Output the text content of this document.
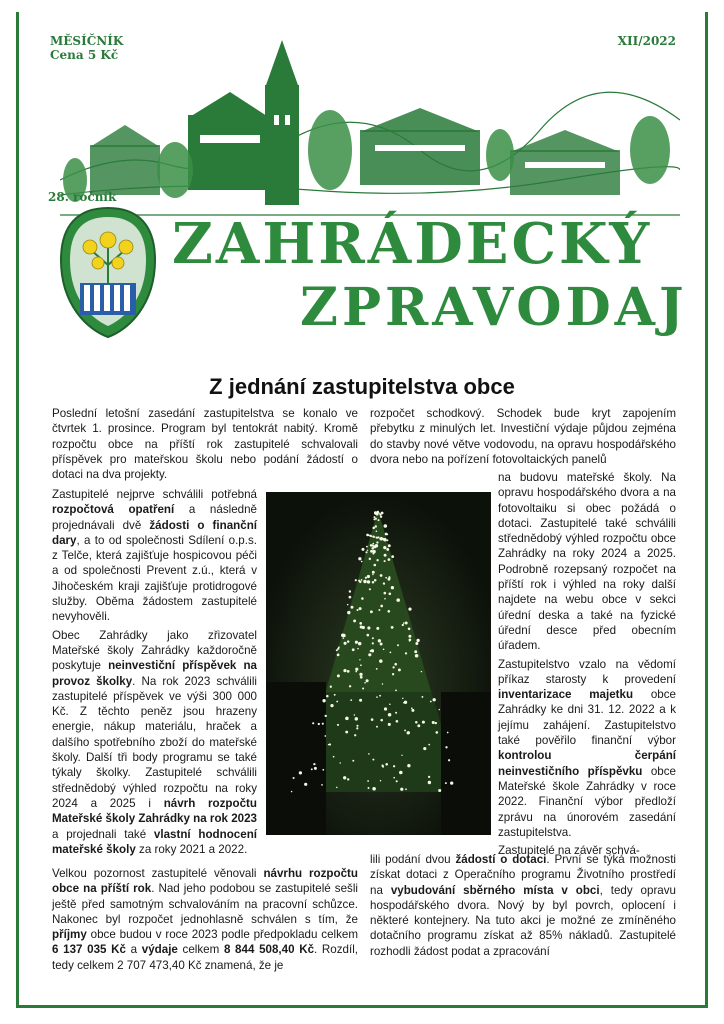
MĚSÍČNÍK
Cena 5 Kč
XII/2022
28. ročník
ZAHRÁDECKÝ
ZPRAVODAJ
Z jednání zastupitelstva obce

Poslední letošní zasedání zastupitelstva se konalo ve čtvrtek 1. prosince. Program byl tentokrát nabitý. Kromě rozpočtu obce na příští rok zastupitelé schvalovali příspěvek pro mateřskou školu nebo podání žádostí o dotaci na dva projekty.

Zastupitelé nejprve schválili potřebná rozpočtová opatření a následně projednávali dvě žádosti o finanční dary, a to od společnosti Sdílení o.p.s. z Telče, která zajišťuje hospicovou péči a od společnosti Prevent z.ú., která v Jihočeském kraji zajišťuje protidrogové služby. Oběma žádostem zastupitelé nevyhověli.

Obec Zahrádky jako zřizovatel Mateřské školy Zahrádky každoročně poskytuje neinvestiční příspěvek na provoz školky. Na rok 2023 schválili zastupitelé příspěvek ve výši 300 000 Kč. Z těchto peněz jsou hrazeny energie, nákup materiálu, hraček a dalšího spotřebního zboží do mateřské školy. Další tři body programu se také týkaly školky. Zastupitelé schválili střednědobý výhled rozpočtu na roky 2024 a 2025 i návrh rozpočtu Mateřské školy Zahrádky na rok 2023 a projednali také vlastní hodnocení mateřské školy za roky 2021 a 2022.

Velkou pozornost zastupitelé věnovali návrhu rozpočtu obce na příští rok. Nad jeho podobou se zastupitelé sešli ještě před samotným schvalováním na pracovní schůzce. Nakonec byl rozpočet jednohlasně schválen s tím, že příjmy obce budou v roce 2023 podle předpokladu celkem 6 137 035 Kč a výdaje celkem 8 844 508,40 Kč. Rozdíl, tedy celkem 2 707 473,40 Kč znamená, že je

rozpočet schodkový. Schodek bude kryt zapojením přebytku z minulých let. Investiční výdaje půjdou zejména do stavby nové větve vodovodu, na opravu hospodářského dvora nebo na pořízení fotovoltaických panelů

na budovu mateřské školy. Na opravu hospodářského dvora a na fotovoltaiku si obec požádá o dotaci. Zastupitelé také schválili střednědobý výhled rozpočtu obce Zahrádky na roky 2024 a 2025. Podrobně rozepsaný rozpočet na příští rok i výhled na roky další najdete na webu obce v sekci úřední deska a také na fyzické úřední desce před obecním úřadem.

Zastupitelstvo vzalo na vědomí příkaz starosty k provedení inventarizace majetku obce Zahrádky ke dni 31. 12. 2022 a k jejímu zahájení. Zastupitelstvo také pověřilo finanční výbor kontrolou čerpání neinvestičního příspěvku obce Mateřské škole Zahrádky v roce 2022. Finanční výbor předloží zprávu na únorovém zasedání zastupitelstva.

Zastupitelé na závěr schvá-

lili podání dvou žádostí o dotaci. První se týká možnosti získat dotaci z Operačního programu Životního prostředí na vybudování sběrného místa v obci, tedy opravu hospodářského dvora. Nový by byl povrch, oplocení i některé kontejnery. Na tuto akci je možné ze zmíněného dotačního programu získat až 85% nákladů. Zastupitelé rozhodli žádost podat a zpracování
